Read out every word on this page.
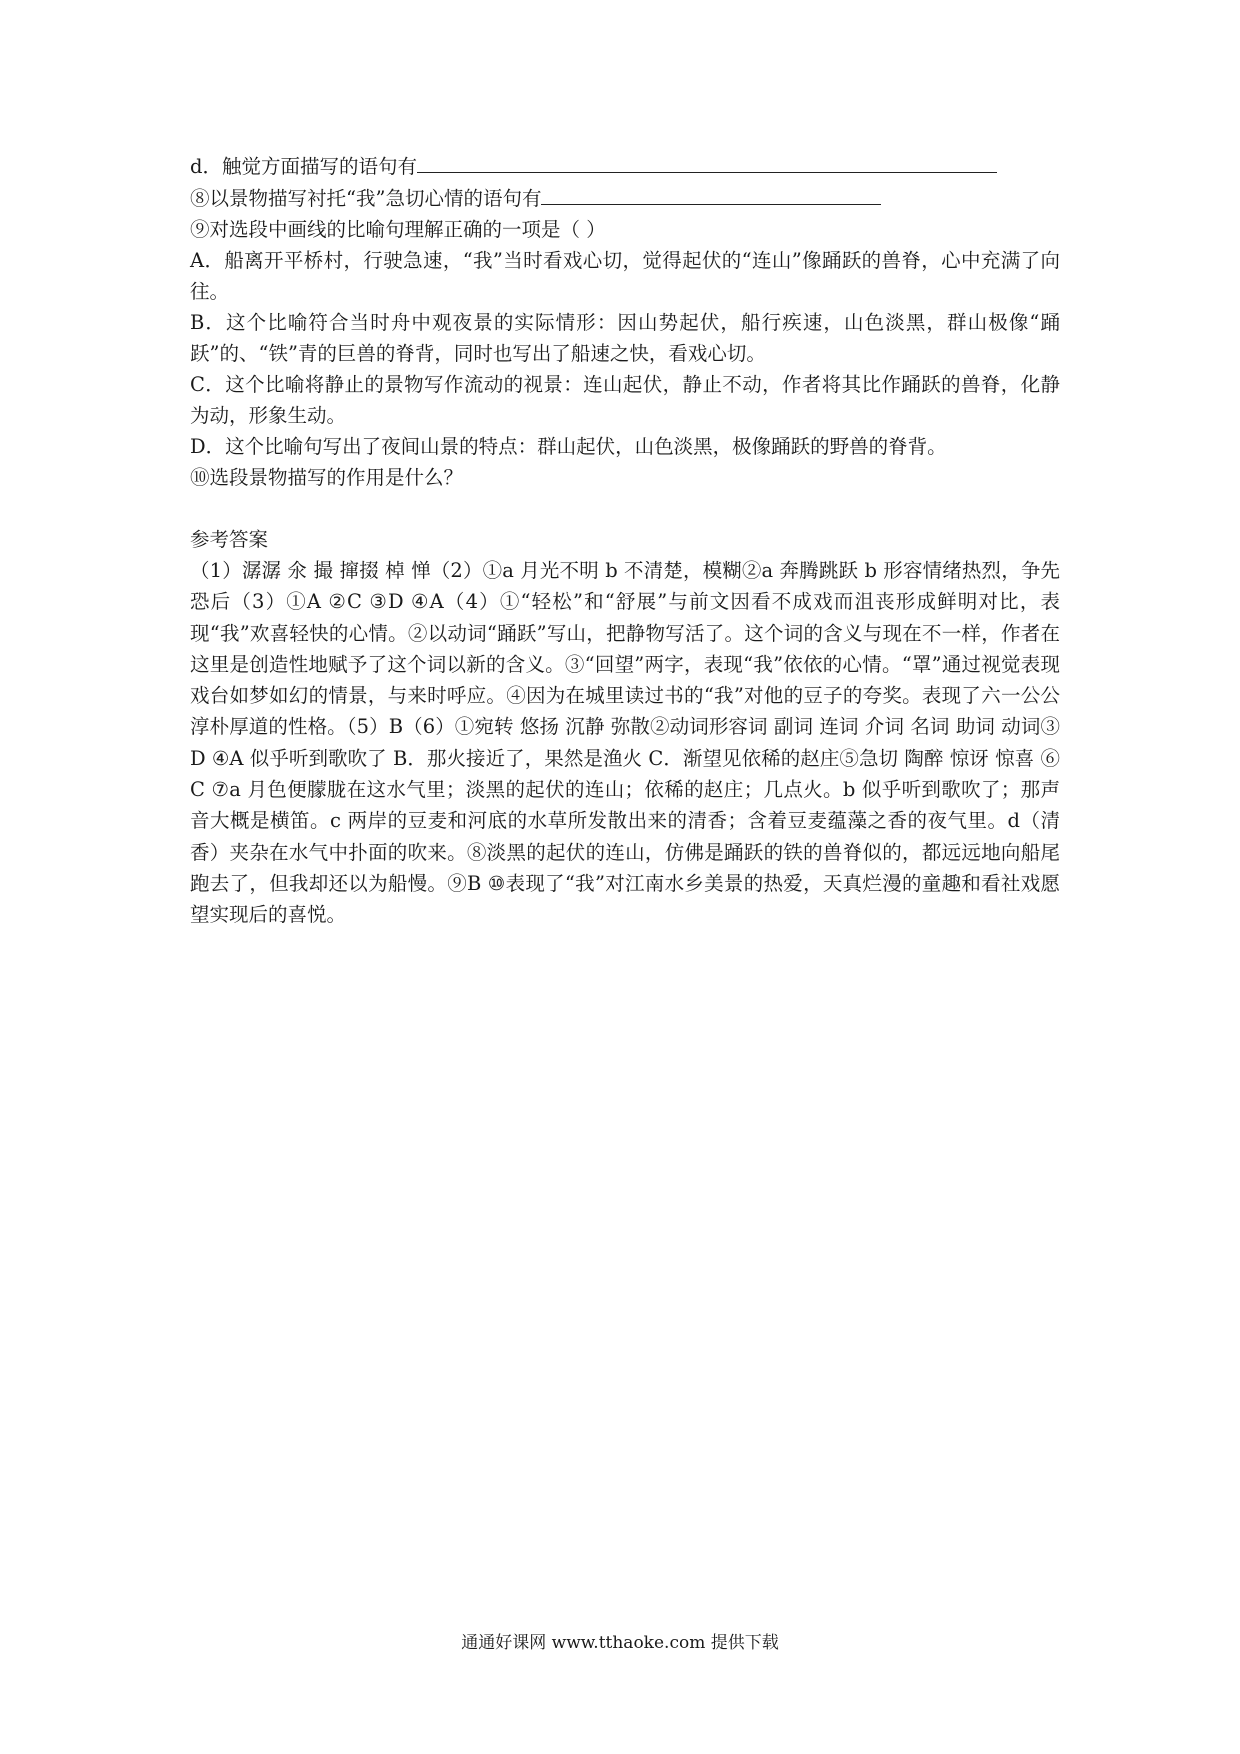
d．触觉方面描写的语句有

⑧以景物描写衬托“我”急切心情的语句有

⑨对选段中画线的比喻句理解正确的一项是（ ）

A．船离开平桥村，行驶急速，“我”当时看戏心切，觉得起伏的“连山”像踊跃的兽脊，心中充满了向往。

B．这个比喻符合当时舟中观夜景的实际情形：因山势起伏，船行疾速，山色淡黑，群山极像“踊跃”的、“铁”青的巨兽的脊背，同时也写出了船速之快，看戏心切。

C．这个比喻将静止的景物写作流动的视景：连山起伏，静止不动，作者将其比作踊跃的兽脊，化静为动，形象生动。

D．这个比喻句写出了夜间山景的特点：群山起伏，山色淡黑，极像踊跃的野兽的脊背。

⑩选段景物描写的作用是什么？

参考答案

（1）潺潺 氽 撮 撺掇 棹 惮（2）①a 月光不明 b 不清楚，模糊②a 奔腾跳跃 b 形容情绪热烈，争先恐后（3）①A ②C ③D ④A（4）①“轻松”和“舒展”与前文因看不成戏而沮丧形成鲜明对比，表现“我”欢喜轻快的心情。②以动词“踊跃”写山，把静物写活了。这个词的含义与现在不一样，作者在这里是创造性地赋予了这个词以新的含义。③“回望”两字，表现“我”依依的心情。“罩”通过视觉表现戏台如梦如幻的情景，与来时呼应。④因为在城里读过书的“我”对他的豆子的夸奖。表现了六一公公淳朴厚道的性格。（5）B（6）①宛转 悠扬 沉静 弥散②动词形容词 副词 连词 介词 名词 助词 动词③D ④A 似乎听到歌吹了 B．那火接近了，果然是渔火 C．渐望见依稀的赵庄⑤急切 陶醉 惊讶 惊喜 ⑥C ⑦a 月色便朦胧在这水气里；淡黑的起伏的连山；依稀的赵庄；几点火。b 似乎听到歌吹了；那声音大概是横笛。c 两岸的豆麦和河底的水草所发散出来的清香；含着豆麦蕴藻之香的夜气里。d（清香）夹杂在水气中扑面的吹来。⑧淡黑的起伏的连山，仿佛是踊跃的铁的兽脊似的，都远远地向船尾跑去了，但我却还以为船慢。⑨B ⑩表现了“我”对江南水乡美景的热爱，天真烂漫的童趣和看社戏愿望实现后的喜悦。

通通好课网 www.tthaoke.com 提供下载
